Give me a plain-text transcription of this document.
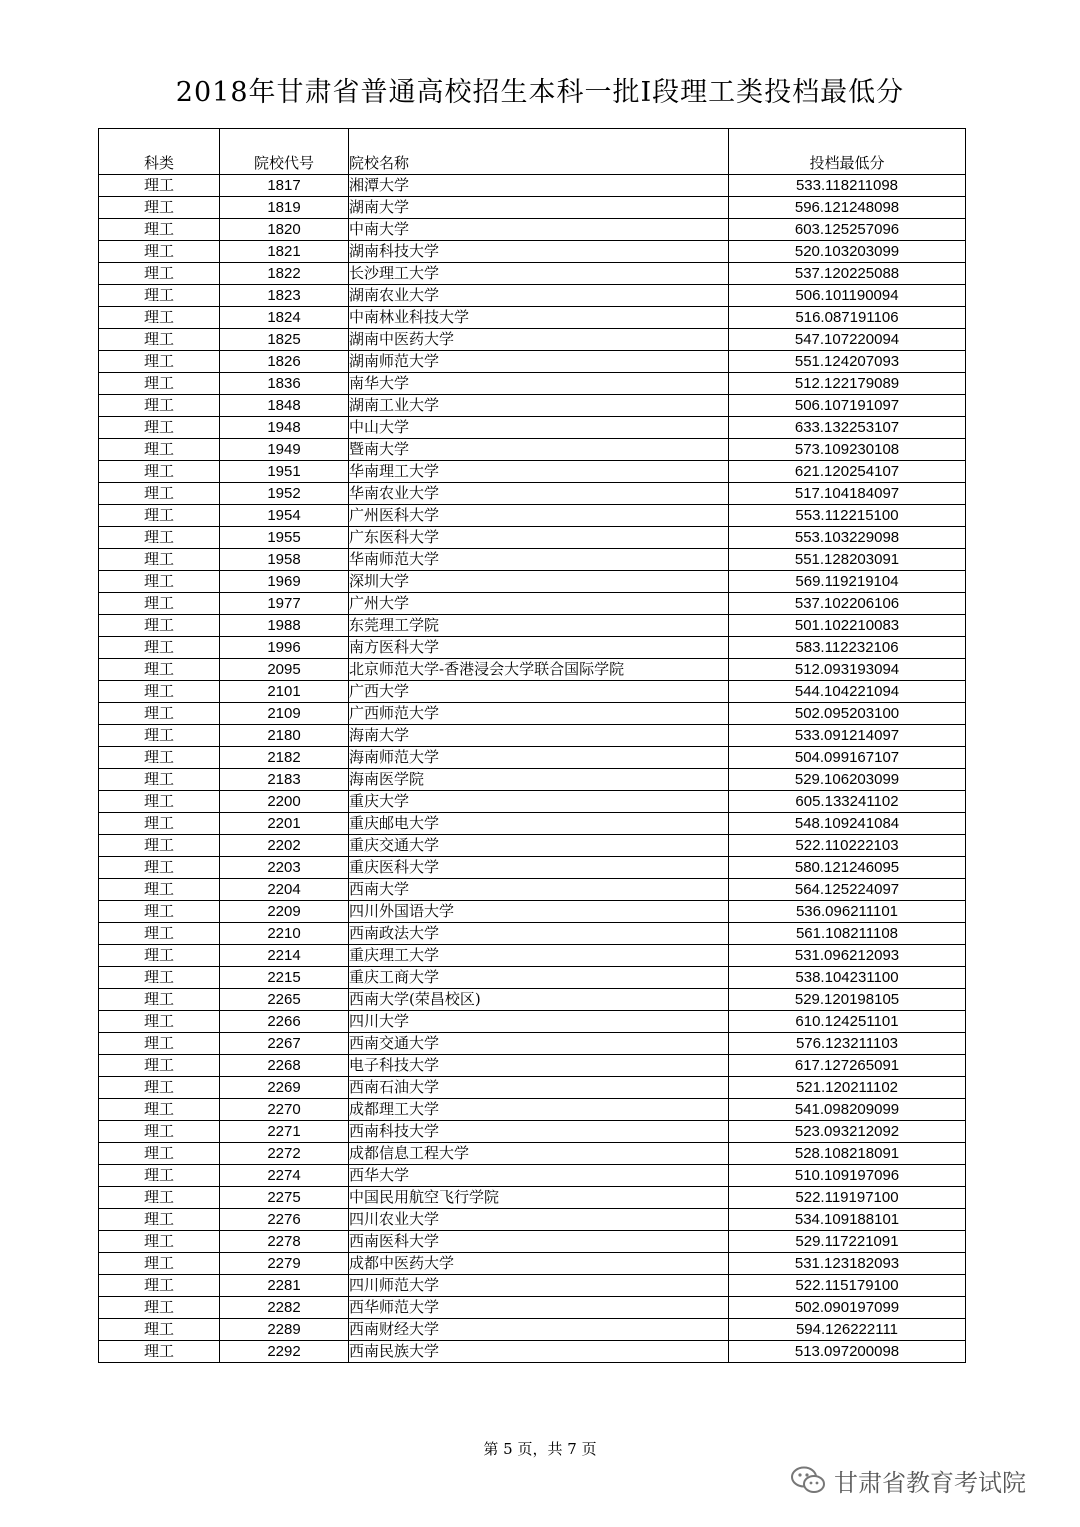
2018年甘肃省普通高校招生本科一批I段理工类投档最低分
科类	院校代号	院校名称	投档最低分
理工	1817	湘潭大学	533.118211098
理工	1819	湖南大学	596.121248098
理工	1820	中南大学	603.125257096
理工	1821	湖南科技大学	520.103203099
理工	1822	长沙理工大学	537.120225088
理工	1823	湖南农业大学	506.101190094
理工	1824	中南林业科技大学	516.087191106
理工	1825	湖南中医药大学	547.107220094
理工	1826	湖南师范大学	551.124207093
理工	1836	南华大学	512.122179089
理工	1848	湖南工业大学	506.107191097
理工	1948	中山大学	633.132253107
理工	1949	暨南大学	573.109230108
理工	1951	华南理工大学	621.120254107
理工	1952	华南农业大学	517.104184097
理工	1954	广州医科大学	553.112215100
理工	1955	广东医科大学	553.103229098
理工	1958	华南师范大学	551.128203091
理工	1969	深圳大学	569.119219104
理工	1977	广州大学	537.102206106
理工	1988	东莞理工学院	501.102210083
理工	1996	南方医科大学	583.112232106
理工	2095	北京师范大学-香港浸会大学联合国际学院	512.093193094
理工	2101	广西大学	544.104221094
理工	2109	广西师范大学	502.095203100
理工	2180	海南大学	533.091214097
理工	2182	海南师范大学	504.099167107
理工	2183	海南医学院	529.106203099
理工	2200	重庆大学	605.133241102
理工	2201	重庆邮电大学	548.109241084
理工	2202	重庆交通大学	522.110222103
理工	2203	重庆医科大学	580.121246095
理工	2204	西南大学	564.125224097
理工	2209	四川外国语大学	536.096211101
理工	2210	西南政法大学	561.108211108
理工	2214	重庆理工大学	531.096212093
理工	2215	重庆工商大学	538.104231100
理工	2265	西南大学(荣昌校区)	529.120198105
理工	2266	四川大学	610.124251101
理工	2267	西南交通大学	576.123211103
理工	2268	电子科技大学	617.127265091
理工	2269	西南石油大学	521.120211102
理工	2270	成都理工大学	541.098209099
理工	2271	西南科技大学	523.093212092
理工	2272	成都信息工程大学	528.108218091
理工	2274	西华大学	510.109197096
理工	2275	中国民用航空飞行学院	522.119197100
理工	2276	四川农业大学	534.109188101
理工	2278	西南医科大学	529.117221091
理工	2279	成都中医药大学	531.123182093
理工	2281	四川师范大学	522.115179100
理工	2282	西华师范大学	502.090197099
理工	2289	西南财经大学	594.126222111
理工	2292	西南民族大学	513.097200098
第 5 页，共 7 页
甘肃省教育考试院
